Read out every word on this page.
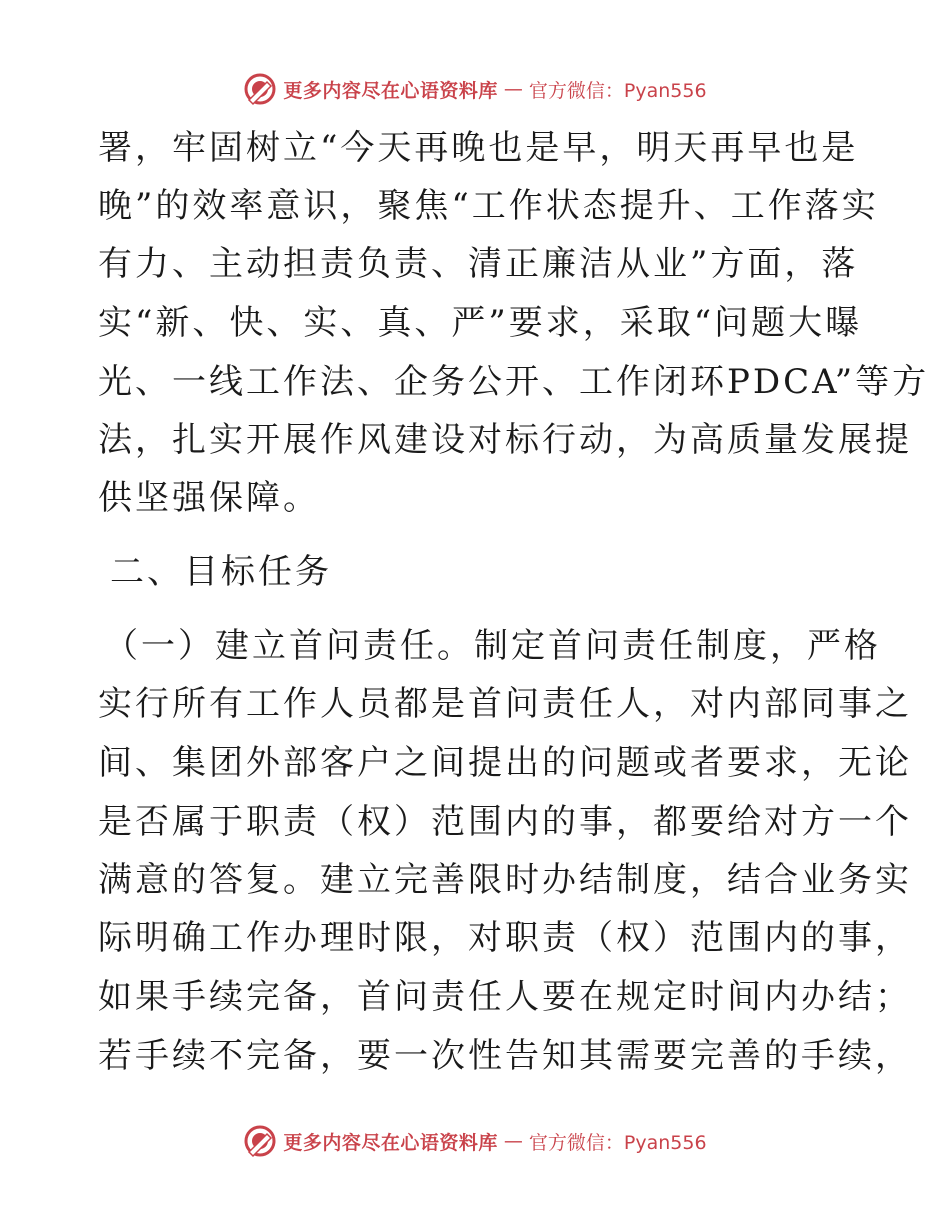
更多内容尽在心语资料库 — 官方微信：Pyan556
署，牢固树立“今天再晚也是早，明天再早也是
晚”的效率意识，聚焦“工作状态提升、工作落实
有力、主动担责负责、清正廉洁从业”方面，落
实“新、快、实、真、严”要求，采取“问题大曝
光、一线工作法、企务公开、工作闭环PDCA”等方
法，扎实开展作风建设对标行动，为高质量发展提
供坚强保障。
二、目标任务
（一）建立首问责任。制定首问责任制度，严格
实行所有工作人员都是首问责任人，对内部同事之
间、集团外部客户之间提出的问题或者要求，无论
是否属于职责（权）范围内的事，都要给对方一个
满意的答复。建立完善限时办结制度，结合业务实
际明确工作办理时限，对职责（权）范围内的事，
如果手续完备，首问责任人要在规定时间内办结；
若手续不完备，要一次性告知其需要完善的手续，
更多内容尽在心语资料库 — 官方微信：Pyan556
